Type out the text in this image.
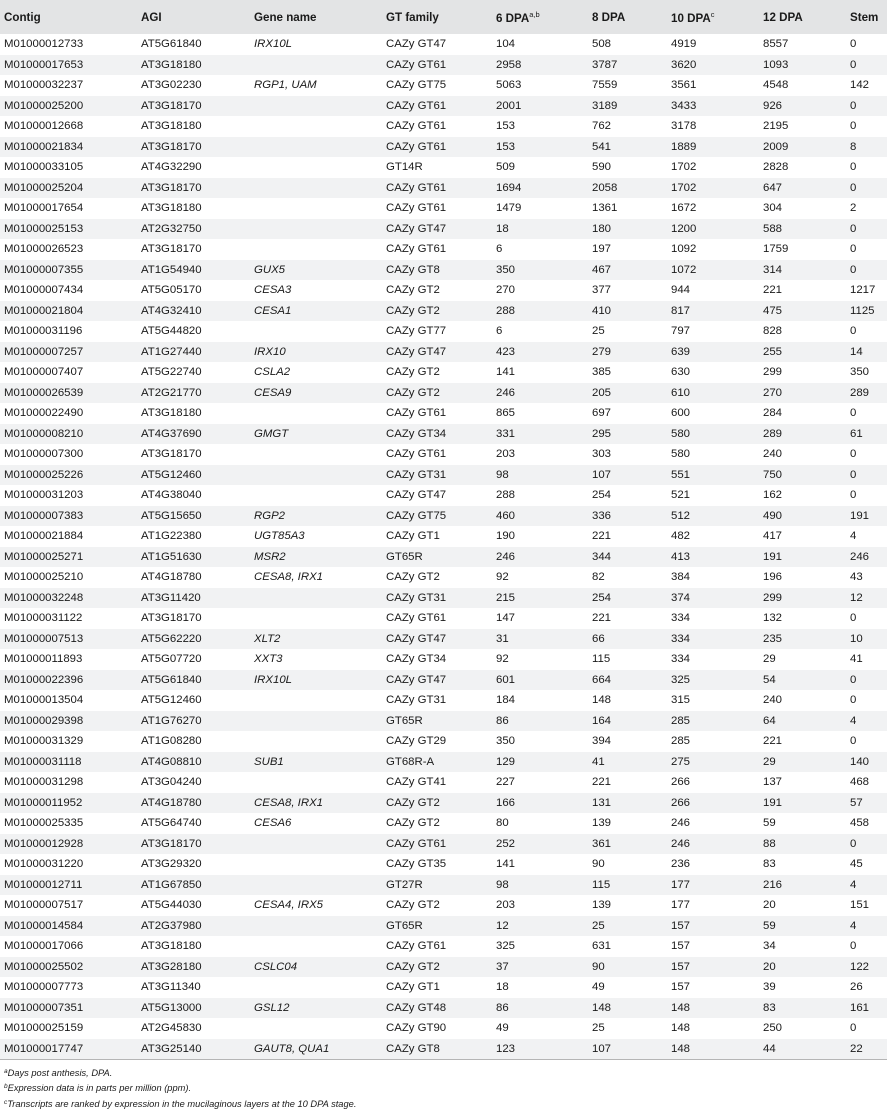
Contig	AGI	Gene name	GT family	6 DPA$^{a,b}$	8 DPA	10 DPA$^c$	12 DPA	Stem
M01000012733	AT5G61840	IRX10L	CAZy GT47	104	508	4919	8557	0
M01000017653	AT3G18180		CAZy GT61	2958	3787	3620	1093	0
M01000032237	AT3G02230	RGP1, UAM	CAZy GT75	5063	7559	3561	4548	142
M01000025200	AT3G18170		CAZy GT61	2001	3189	3433	926	0
M01000012668	AT3G18180		CAZy GT61	153	762	3178	2195	0
M01000021834	AT3G18170		CAZy GT61	153	541	1889	2009	8
M01000033105	AT4G32290		GT14R	509	590	1702	2828	0
M01000025204	AT3G18170		CAZy GT61	1694	2058	1702	647	0
M01000017654	AT3G18180		CAZy GT61	1479	1361	1672	304	2
M01000025153	AT2G32750		CAZy GT47	18	180	1200	588	0
M01000026523	AT3G18170		CAZy GT61	6	197	1092	1759	0
M01000007355	AT1G54940	GUX5	CAZy GT8	350	467	1072	314	0
M01000007434	AT5G05170	CESA3	CAZy GT2	270	377	944	221	1217
M01000021804	AT4G32410	CESA1	CAZy GT2	288	410	817	475	1125
M01000031196	AT5G44820		CAZy GT77	6	25	797	828	0
M01000007257	AT1G27440	IRX10	CAZy GT47	423	279	639	255	14
M01000007407	AT5G22740	CSLA2	CAZy GT2	141	385	630	299	350
M01000026539	AT2G21770	CESA9	CAZy GT2	246	205	610	270	289
M01000022490	AT3G18180		CAZy GT61	865	697	600	284	0
M01000008210	AT4G37690	GMGT	CAZy GT34	331	295	580	289	61
M01000007300	AT3G18170		CAZy GT61	203	303	580	240	0
M01000025226	AT5G12460		CAZy GT31	98	107	551	750	0
M01000031203	AT4G38040		CAZy GT47	288	254	521	162	0
M01000007383	AT5G15650	RGP2	CAZy GT75	460	336	512	490	191
M01000021884	AT1G22380	UGT85A3	CAZy GT1	190	221	482	417	4
M01000025271	AT1G51630	MSR2	GT65R	246	344	413	191	246
M01000025210	AT4G18780	CESA8, IRX1	CAZy GT2	92	82	384	196	43
M01000032248	AT3G11420		CAZy GT31	215	254	374	299	12
M01000031122	AT3G18170		CAZy GT61	147	221	334	132	0
M01000007513	AT5G62220	XLT2	CAZy GT47	31	66	334	235	10
M01000011893	AT5G07720	XXT3	CAZy GT34	92	115	334	29	41
M01000022396	AT5G61840	IRX10L	CAZy GT47	601	664	325	54	0
M01000013504	AT5G12460		CAZy GT31	184	148	315	240	0
M01000029398	AT1G76270		GT65R	86	164	285	64	4
M01000031329	AT1G08280		CAZy GT29	350	394	285	221	0
M01000031118	AT4G08810	SUB1	GT68R-A	129	41	275	29	140
M01000031298	AT3G04240		CAZy GT41	227	221	266	137	468
M01000011952	AT4G18780	CESA8, IRX1	CAZy GT2	166	131	266	191	57
M01000025335	AT5G64740	CESA6	CAZy GT2	80	139	246	59	458
M01000012928	AT3G18170		CAZy GT61	252	361	246	88	0
M01000031220	AT3G29320		CAZy GT35	141	90	236	83	45
M01000012711	AT1G67850		GT27R	98	115	177	216	4
M01000007517	AT5G44030	CESA4, IRX5	CAZy GT2	203	139	177	20	151
M01000014584	AT2G37980		GT65R	12	25	157	59	4
M01000017066	AT3G18180		CAZy GT61	325	631	157	34	0
M01000025502	AT3G28180	CSLC04	CAZy GT2	37	90	157	20	122
M01000007773	AT3G11340		CAZy GT1	18	49	157	39	26
M01000007351	AT5G13000	GSL12	CAZy GT48	86	148	148	83	161
M01000025159	AT2G45830		CAZy GT90	49	25	148	250	0
M01000017747	AT3G25140	GAUT8, QUA1	CAZy GT8	123	107	148	44	22
$^a$Days post anthesis, DPA.
$^b$Expression data is in parts per million (ppm).
$^c$Transcripts are ranked by expression in the mucilaginous layers at the 10 DPA stage.
